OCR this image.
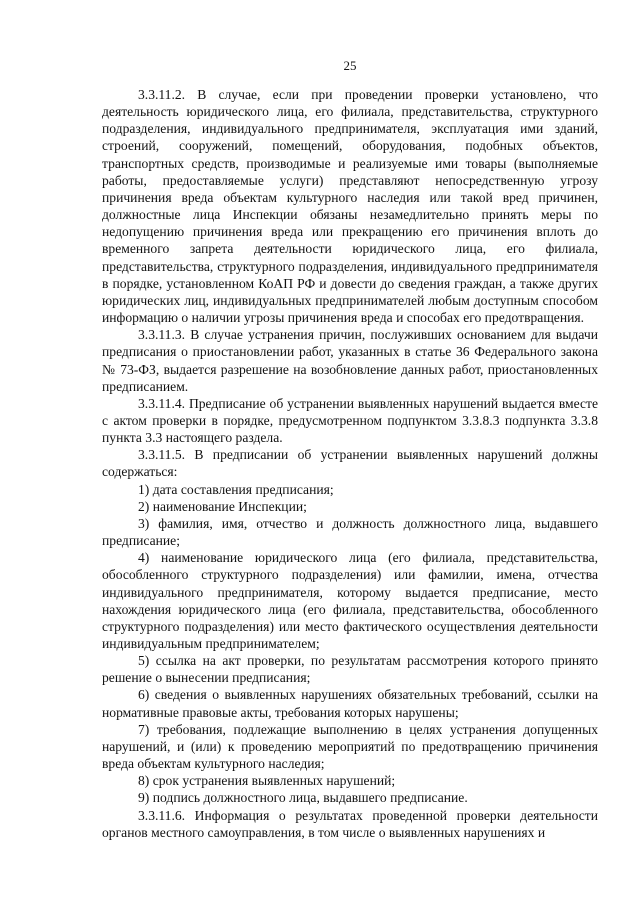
25

3.3.11.2. В случае, если при проведении проверки установлено, что деятельность юридического лица, его филиала, представительства, структурного подразделения, индивидуального предпринимателя, эксплуатация ими зданий, строений, сооружений, помещений, оборудования, подобных объектов, транспортных средств, производимые и реализуемые ими товары (выполняемые работы, предоставляемые услуги) представляют непосредственную угрозу причинения вреда объектам культурного наследия или такой вред причинен, должностные лица Инспекции обязаны незамедлительно принять меры по недопущению причинения вреда или прекращению его причинения вплоть до временного запрета деятельности юридического лица, его филиала, представительства, структурного подразделения, индивидуального предпринимателя в порядке, установленном КоАП РФ и довести до сведения граждан, а также других юридических лиц, индивидуальных предпринимателей любым доступным способом информацию о наличии угрозы причинения вреда и способах его предотвращения.

3.3.11.3. В случае устранения причин, послуживших основанием для выдачи предписания о приостановлении работ, указанных в статье 36 Федерального закона № 73-ФЗ, выдается разрешение на возобновление данных работ, приостановленных предписанием.

3.3.11.4. Предписание об устранении выявленных нарушений выдается вместе с актом проверки в порядке, предусмотренном подпунктом 3.3.8.3 подпункта 3.3.8 пункта 3.3 настоящего раздела.

3.3.11.5. В предписании об устранении выявленных нарушений должны содержаться:

1) дата составления предписания;

2) наименование Инспекции;

3) фамилия, имя, отчество и должность должностного лица, выдавшего предписание;

4) наименование юридического лица (его филиала, представительства, обособленного структурного подразделения) или фамилии, имена, отчества индивидуального предпринимателя, которому выдается предписание, место нахождения юридического лица (его филиала, представительства, обособленного структурного подразделения) или место фактического осуществления деятельности индивидуальным предпринимателем;

5) ссылка на акт проверки, по результатам рассмотрения которого принято решение о вынесении предписания;

6) сведения о выявленных нарушениях обязательных требований, ссылки на нормативные правовые акты, требования которых нарушены;

7) требования, подлежащие выполнению в целях устранения допущенных нарушений, и (или) к проведению мероприятий по предотвращению причинения вреда объектам культурного наследия;

8) срок устранения выявленных нарушений;

9) подпись должностного лица, выдавшего предписание.

3.3.11.6. Информация о результатах проведенной проверки деятельности органов местного самоуправления, в том числе о выявленных нарушениях и
